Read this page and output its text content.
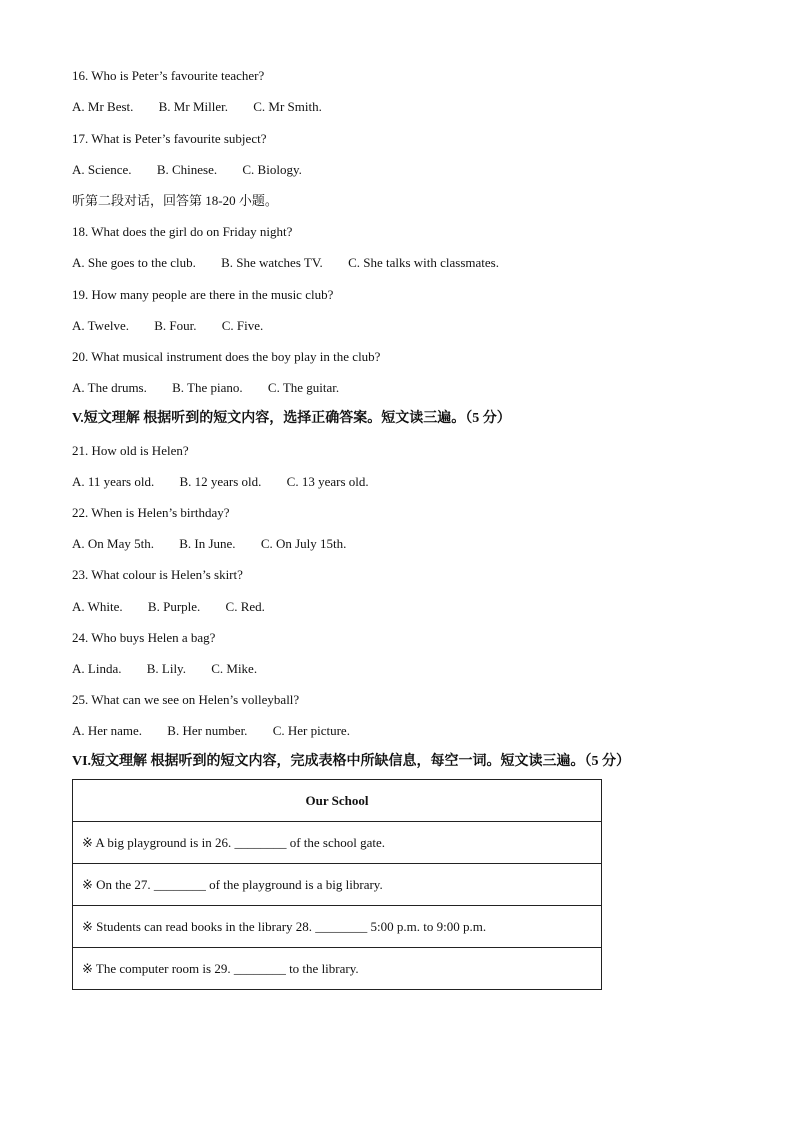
16. Who is Peter’s favourite teacher?
A. Mr Best. B. Mr Miller. C. Mr Smith.
17. What is Peter’s favourite subject?
A. Science. B. Chinese. C. Biology.
听第二段对话，回答第 18-20 小题。
18. What does the girl do on Friday night?
A. She goes to the club. B. She watches TV. C. She talks with classmates.
19. How many people are there in the music club?
A. Twelve. B. Four. C. Five.
20. What musical instrument does the boy play in the club?
A. The drums. B. The piano. C. The guitar.
V.短文理解 根据听到的短文内容，选择正确答案。短文读三遍。（5 分）
21. How old is Helen?
A. 11 years old. B. 12 years old. C. 13 years old.
22. When is Helen’s birthday?
A. On May 5th. B. In June. C. On July 15th.
23. What colour is Helen’s skirt?
A. White. B. Purple. C. Red.
24. Who buys Helen a bag?
A. Linda. B. Lily. C. Mike.
25. What can we see on Helen’s volleyball?
A. Her name. B. Her number. C. Her picture.
VI.短文理解 根据听到的短文内容，完成表格中所缺信息，每空一词。短文读三遍。（5 分）
Our School
※ A big playground is in 26. ________ of the school gate.
※ On the 27. ________ of the playground is a big library.
※ Students can read books in the library 28. ________ 5:00 p.m. to 9:00 p.m.
※ The computer room is 29. ________ to the library.
